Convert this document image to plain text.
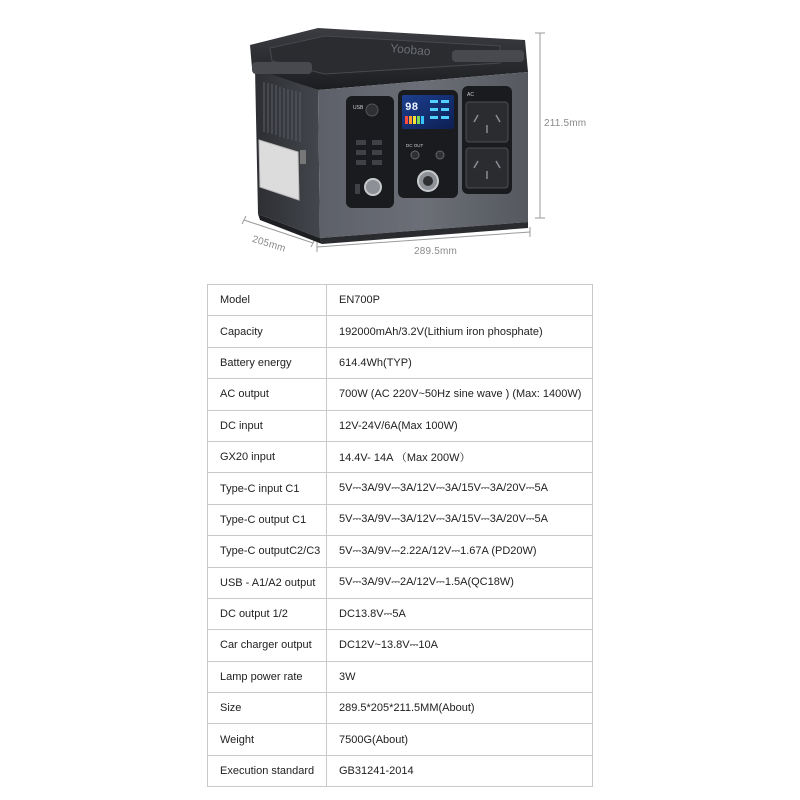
Yoobao
USB	98
DC OUT
AC
211.5mm
289.5mm
205mm
Model	EN700P
Capacity	192000mAh/3.2V(Lithium iron phosphate)
Battery energy	614.4Wh(TYP)
AC output	700W (AC 220V~50Hz sine wave ) (Max: 1400W)
DC input	12V-24V/6A(Max 100W)
GX20 input	14.4V- 14A （Max 200W）
Type-C input C1	5V⎓3A/9V⎓3A/12V⎓3A/15V⎓3A/20V⎓5A
Type-C output C1	5V⎓3A/9V⎓3A/12V⎓3A/15V⎓3A/20V⎓5A
Type-C outputC2/C3	5V⎓3A/9V⎓2.22A/12V⎓1.67A (PD20W)
USB - A1/A2 output	5V⎓3A/9V⎓2A/12V⎓1.5A(QC18W)
DC output 1/2	DC13.8V⎓5A
Car charger output	DC12V~13.8V⎓10A
Lamp power rate	3W
Size	289.5*205*211.5MM(About)
Weight	7500G(About)
Execution standard	GB31241-2014
